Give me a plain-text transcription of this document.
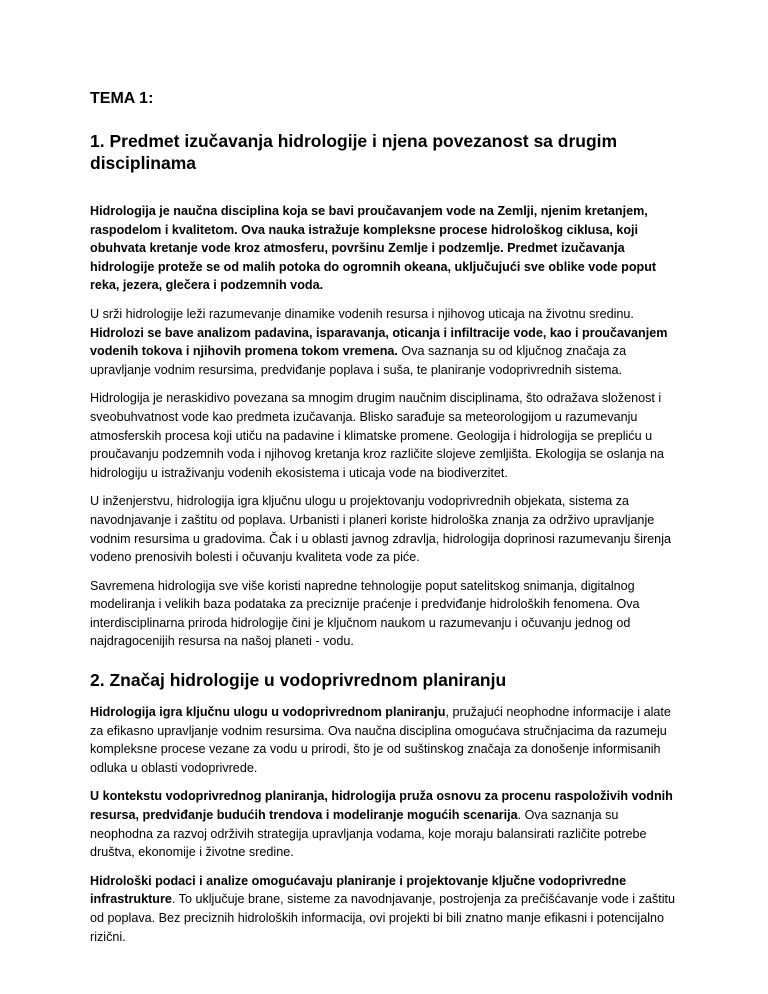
TEMA 1:
1. Predmet izučavanja hidrologije i njena povezanost sa drugim disciplinama

Hidrologija je naučna disciplina koja se bavi proučavanjem vode na Zemlji, njenim kretanjem, raspodelom i kvalitetom. Ova nauka istražuje kompleksne procese hidrološkog ciklusa, koji obuhvata kretanje vode kroz atmosferu, površinu Zemlje i podzemlje. Predmet izučavanja hidrologije proteže se od malih potoka do ogromnih okeana, uključujući sve oblike vode poput reka, jezera, glečera i podzemnih voda.

U srži hidrologije leži razumevanje dinamike vodenih resursa i njihovog uticaja na životnu sredinu. Hidrolozi se bave analizom padavina, isparavanja, oticanja i infiltracije vode, kao i proučavanjem vodenih tokova i njihovih promena tokom vremena. Ova saznanja su od ključnog značaja za upravljanje vodnim resursima, predviđanje poplava i suša, te planiranje vodoprivrednih sistema.

Hidrologija je neraskidivo povezana sa mnogim drugim naučnim disciplinama, što odražava složenost i sveobuhvatnost vode kao predmeta izučavanja. Blisko sarađuje sa meteorologijom u razumevanju atmosferskih procesa koji utiču na padavine i klimatske promene. Geologija i hidrologija se prepliću u proučavanju podzemnih voda i njihovog kretanja kroz različite slojeve zemljišta. Ekologija se oslanja na hidrologiju u istraživanju vodenih ekosistema i uticaja vode na biodiverzitet.

U inženjerstvu, hidrologija igra ključnu ulogu u projektovanju vodoprivrednih objekata, sistema za navodnjavanje i zaštitu od poplava. Urbanisti i planeri koriste hidrološka znanja za održivo upravljanje vodnim resursima u gradovima. Čak i u oblasti javnog zdravlja, hidrologija doprinosi razumevanju širenja vodeno prenosivih bolesti i očuvanju kvaliteta vode za piće.

Savremena hidrologija sve više koristi napredne tehnologije poput satelitskog snimanja, digitalnog modeliranja i velikih baza podataka za preciznije praćenje i predviđanje hidroloških fenomena. Ova interdisciplinarna priroda hidrologije čini je ključnom naukom u razumevanju i očuvanju jednog od najdragocenijih resursa na našoj planeti - vodu.

2. Značaj hidrologije u vodoprivrednom planiranju

Hidrologija igra ključnu ulogu u vodoprivrednom planiranju, pružajući neophodne informacije i alate za efikasno upravljanje vodnim resursima. Ova naučna disciplina omogućava stručnjacima da razumeju kompleksne procese vezane za vodu u prirodi, što je od suštinskog značaja za donošenje informisanih odluka u oblasti vodoprivrede.

U kontekstu vodoprivrednog planiranja, hidrologija pruža osnovu za procenu raspoloživih vodnih resursa, predviđanje budućih trendova i modeliranje mogućih scenarija. Ova saznanja su neophodna za razvoj održivih strategija upravljanja vodama, koje moraju balansirati različite potrebe društva, ekonomije i životne sredine.

Hidrološki podaci i analize omogućavaju planiranje i projektovanje ključne vodoprivredne infrastrukture. To uključuje brane, sisteme za navodnjavanje, postrojenja za prečišćavanje vode i zaštitu od poplava. Bez preciznih hidroloških informacija, ovi projekti bi bili znatno manje efikasni i potencijalno rizični.
